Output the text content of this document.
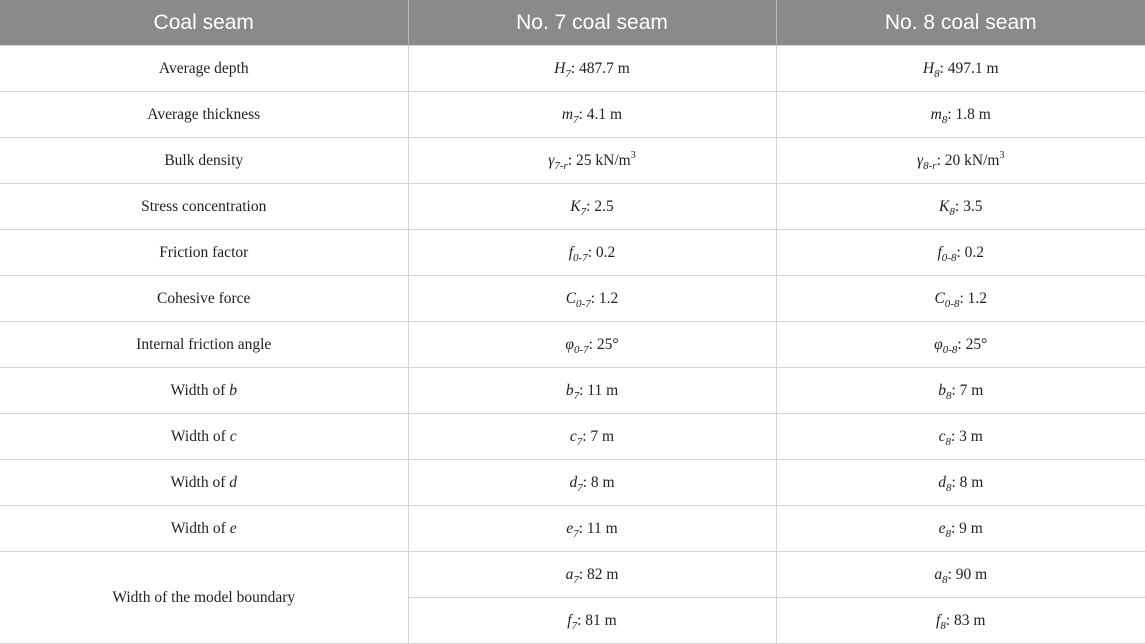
Coal seam	No. 7 coal seam	No. 8 coal seam
Average depth	$H_7$: 487.7 m	$H_8$: 497.1 m
Average thickness	$m_7$: 4.1 m	$m_8$: 1.8 m
Bulk density	$\gamma_{7-r}$: 25 $kN/m^3$	$\gamma_{8-r}$: 20 $kN/m^3$
Stress concentration	$K_7$: 2.5	$K_8$: 3.5
Friction factor	$f_{0-7}$: 0.2	$f_{0-8}$: 0.2
Cohesive force	$C_{0-7}$: 1.2	$C_{0-8}$: 1.2
Internal friction angle	$\varphi_{0-7}$: 25°	$\varphi_{0-8}$: 25°
Width of b	$b_7$: 11 m	$b_8$: 7 m
Width of c	$c_7$: 7 m	$c_8$: 3 m
Width of d	$d_7$: 8 m	$d_8$: 8 m
Width of e	$e_7$: 11 m	$e_8$: 9 m
Width of the model boundary	$a_7$: 82 m	$a_8$: 90 m
	$f_7$: 81 m	$f_8$: 83 m
